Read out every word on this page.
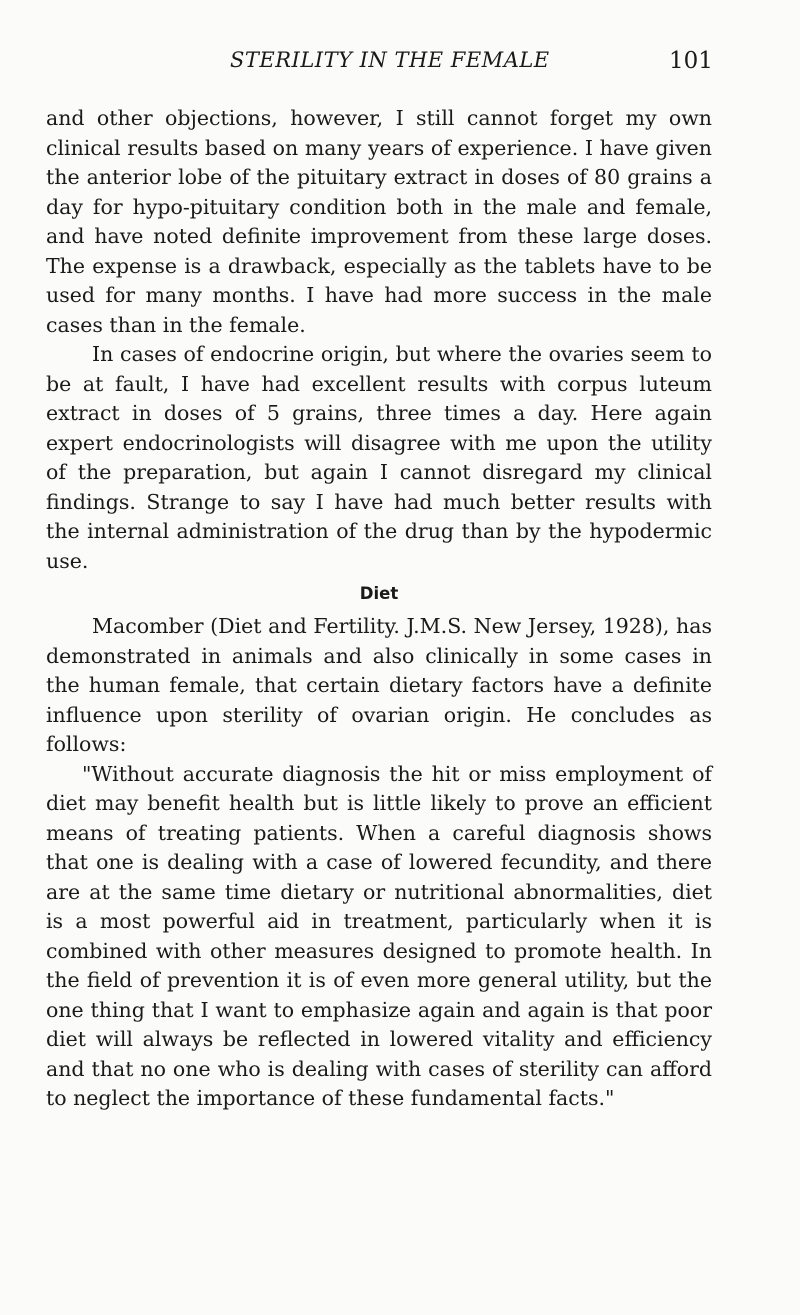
STERILITY IN THE FEMALE	101

and other objections, however, I still cannot forget my own clinical results based on many years of experience. I have given the anterior lobe of the pituitary extract in doses of 80 grains a day for hypo-pituitary condition both in the male and female, and have noted definite improvement from these large doses. The expense is a drawback, especially as the tablets have to be used for many months. I have had more success in the male cases than in the female.

In cases of endocrine origin, but where the ovaries seem to be at fault, I have had excellent results with corpus luteum extract in doses of 5 grains, three times a day. Here again expert endocrinologists will disagree with me upon the utility of the preparation, but again I cannot disregard my clinical findings. Strange to say I have had much better results with the internal administration of the drug than by the hypodermic use.

Diet

Macomber (Diet and Fertility. J.M.S. New Jersey, 1928), has demonstrated in animals and also clinically in some cases in the human female, that certain dietary factors have a definite influence upon sterility of ovarian origin. He concludes as follows:

"Without accurate diagnosis the hit or miss employment of diet may benefit health but is little likely to prove an efficient means of treating patients. When a careful diagnosis shows that one is dealing with a case of lowered fecundity, and there are at the same time dietary or nutritional abnormalities, diet is a most powerful aid in treatment, particularly when it is combined with other measures designed to promote health. In the field of prevention it is of even more general utility, but the one thing that I want to emphasize again and again is that poor diet will always be reflected in lowered vitality and efficiency and that no one who is dealing with cases of sterility can afford to neglect the importance of these fundamental facts."
